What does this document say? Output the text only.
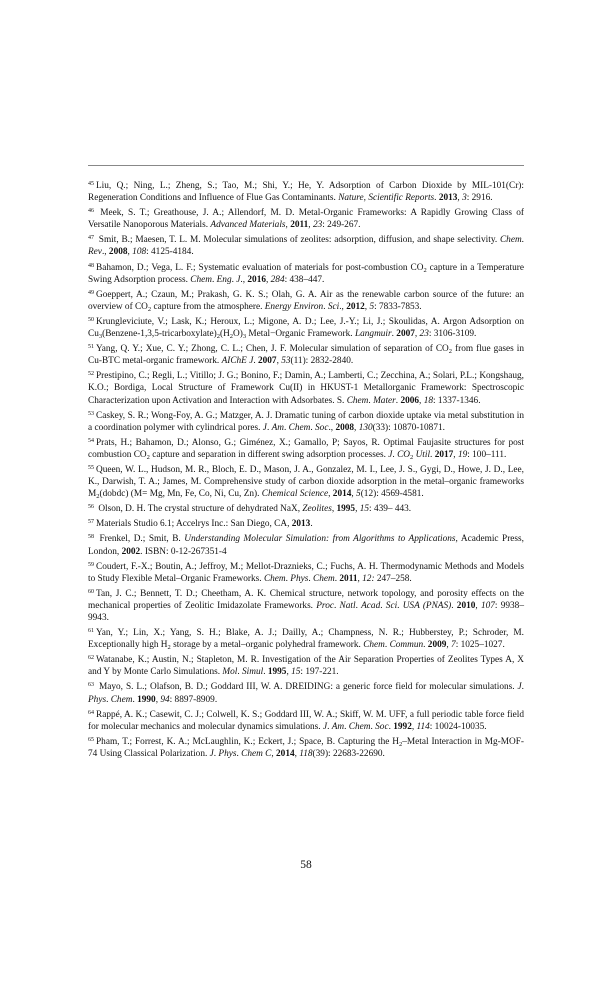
$^{45}$ Liu, Q.; Ning, L.; Zheng, S.; Tao, M.; Shi, Y.; He, Y. Adsorption of Carbon Dioxide by MIL-101(Cr): Regeneration Conditions and Influence of Flue Gas Contaminants. Nature, Scientific Reports. 2013, 3: 2916.

$^{46}$ Meek, S. T.; Greathouse, J. A.; Allendorf, M. D. Metal-Organic Frameworks: A Rapidly Growing Class of Versatile Nanoporous Materials. Advanced Materials, 2011, 23: 249-267.

$^{47}$ Smit, B.; Maesen, T. L. M. Molecular simulations of zeolites: adsorption, diffusion, and shape selectivity. Chem. Rev., 2008, 108: 4125-4184.

$^{48}$ Bahamon, D.; Vega, L. F.; Systematic evaluation of materials for post-combustion $CO_2$ capture in a Temperature Swing Adsorption process. Chem. Eng. J., 2016, 284: 438–447.

$^{49}$ Goeppert, A.; Czaun, M.; Prakash, G. K. S.; Olah, G. A. Air as the renewable carbon source of the future: an overview of $CO_2$ capture from the atmosphere. Energy Environ. Sci., 2012, 5: 7833-7853.

$^{50}$ Krungleviciute, V.; Lask, K.; Heroux, L.; Migone, A. D.; Lee, J.-Y.; Li, J.; Skoulidas, A. Argon Adsorption on $Cu_3(Benzene-1,3,5-tricarboxylate)_2(H_2O)_3$ Metal−Organic Framework. Langmuir. 2007, 23: 3106-3109.

$^{51}$ Yang, Q. Y.; Xue, C. Y.; Zhong, C. L.; Chen, J. F. Molecular simulation of separation of $CO_2$ from flue gases in Cu-BTC metal-organic framework. AIChE J. 2007, 53(11): 2832-2840.

$^{52}$ Prestipino, C.; Regli, L.; Vitillo; J. G.; Bonino, F.; Damin, A.; Lamberti, C.; Zecchina, A.; Solari, P.L.; Kongshaug, K.O.; Bordiga, Local Structure of Framework Cu(II) in HKUST-1 Metallorganic Framework: Spectroscopic Characterization upon Activation and Interaction with Adsorbates. S. Chem. Mater. 2006, 18: 1337-1346.

$^{53}$ Caskey, S. R.; Wong-Foy, A. G.; Matzger, A. J. Dramatic tuning of carbon dioxide uptake via metal substitution in a coordination polymer with cylindrical pores. J. Am. Chem. Soc., 2008, 130(33): 10870-10871.

$^{54}$ Prats, H.; Bahamon, D.; Alonso, G.; Giménez, X.; Gamallo, P; Sayos, R. Optimal Faujasite structures for post combustion $CO_2$ capture and separation in different swing adsorption processes. J. $CO_2$ Util. 2017, 19: 100–111.

$^{55}$ Queen, W. L., Hudson, M. R., Bloch, E. D., Mason, J. A., Gonzalez, M. I., Lee, J. S., Gygi, D., Howe, J. D., Lee, K., Darwish, T. A.; James, M. Comprehensive study of carbon dioxide adsorption in the metal–organic frameworks $M_2(dobdc)$ (M= Mg, Mn, Fe, Co, Ni, Cu, Zn). Chemical Science, 2014, 5(12): 4569-4581.

$^{56}$ Olson, D. H. The crystal structure of dehydrated NaX, Zeolites, 1995, 15: 439– 443.

$^{57}$ Materials Studio 6.1; Accelrys Inc.: San Diego, CA, 2013.

$^{58}$ Frenkel, D.; Smit, B. Understanding Molecular Simulation: from Algorithms to Applications, Academic Press, London, 2002. ISBN: 0-12-267351-4

$^{59}$ Coudert, F.-X.; Boutin, A.; Jeffroy, M.; Mellot-Draznieks, C.; Fuchs, A. H. Thermodynamic Methods and Models to Study Flexible Metal–Organic Frameworks. Chem. Phys. Chem. 2011, 12: 247–258.

$^{60}$ Tan, J. C.; Bennett, T. D.; Cheetham, A. K. Chemical structure, network topology, and porosity effects on the mechanical properties of Zeolitic Imidazolate Frameworks. Proc. Natl. Acad. Sci. USA (PNAS). 2010, 107: 9938–9943.

$^{61}$ Yan, Y.; Lin, X.; Yang, S. H.; Blake, A. J.; Dailly, A.; Champness, N. R.; Hubberstey, P.; Schroder, M. Exceptionally high $H_2$ storage by a metal–organic polyhedral framework. Chem. Commun. 2009, 7: 1025–1027.

$^{62}$ Watanabe, K.; Austin, N.; Stapleton, M. R. Investigation of the Air Separation Properties of Zeolites Types A, X and Y by Monte Carlo Simulations. Mol. Simul. 1995, 15: 197-221.

$^{63}$ Mayo, S. L.; Olafson, B. D.; Goddard III, W. A. DREIDING: a generic force field for molecular simulations. J. Phys. Chem. 1990, 94: 8897-8909.

$^{64}$ Rappé, A. K.; Casewit, C. J.; Colwell, K. S.; Goddard III, W. A.; Skiff, W. M. UFF, a full periodic table force field for molecular mechanics and molecular dynamics simulations. J. Am. Chem. Soc. 1992, 114: 10024-10035.

$^{65}$ Pham, T.; Forrest, K. A.; McLaughlin, K.; Eckert, J.; Space, B. Capturing the $H_2$–Metal Interaction in Mg-MOF-74 Using Classical Polarization. J. Phys. Chem C, 2014, 118(39): 22683-22690.

58
